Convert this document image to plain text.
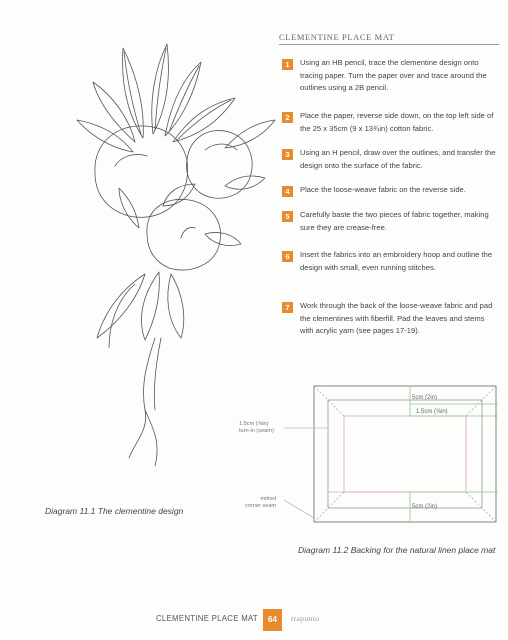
CLEMENTINE PLACE MAT
1	Using an HB pencil, trace the clementine design onto tracing paper. Turn the paper over and trace around the outlines using a 2B pencil.
2	Place the paper, reverse side down, on the top left side of the 25 x 35cm (9 x 13¾in) cotton fabric.
3	Using an H pencil, draw over the outlines, and transfer the design onto the surface of the fabric.
4	Place the loose-weave fabric on the reverse side.
5	Carefully baste the two pieces of fabric together, making sure they are crease-free.
6	Insert the fabrics into an embroidery hoop and outline the design with small, even running stitches.
7	Work through the back of the loose-weave fabric and pad the clementines with fiberfill. Pad the leaves and stems with acrylic yarn (see pages 17-19).
Diagram 11.1 The clementine design
1.5cm (⅝in)
turn-in (seam)
mitred
corner seam
5cm (2in)
1.5cm (⅝in)
5cm (2in)
Diagram 11.2 Backing for the natural linen place mat
CLEMENTINE PLACE MAT	64	trapunto
